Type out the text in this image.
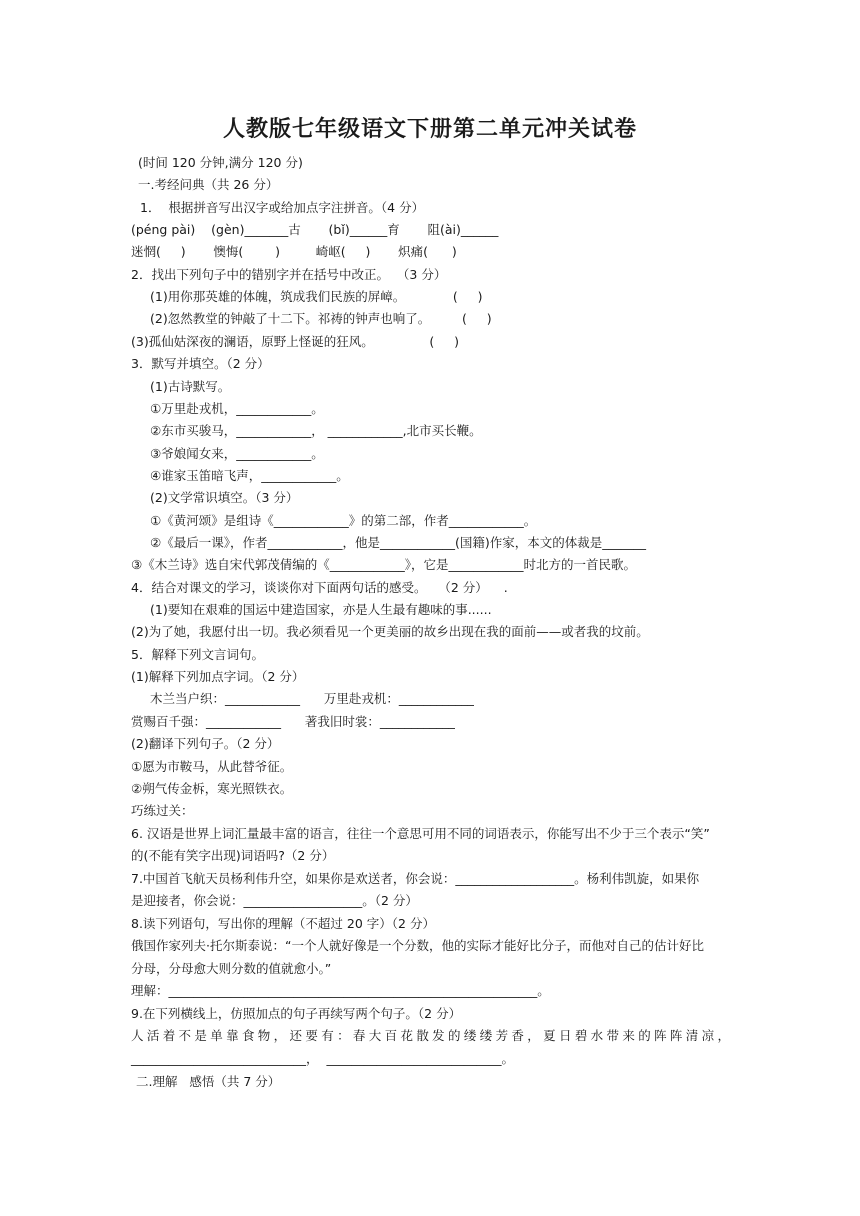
人教版七年级语文下册第二单元冲关试卷
(时间 120 分钟,满分 120 分)
一.考经问典（共 26 分）
1．  根据拼音写出汉字或给加点字注拼音。（4 分）
(péng pài)    (gèn)_______古       (bǐ)______育       阻(ài)______
迷惘(     )       懊悔(        )         崎岖(     )       炽痛(      )
2．找出下列句子中的错别字并在括号中改正。  （3 分）
(1)用你那英雄的体魄，筑成我们民族的屏嶂。            (     )
(2)忽然教堂的钟敲了十二下。祁祷的钟声也响了。        (     )
(3)孤仙姑深夜的澜语，原野上怪诞的狂风。              (     )
3．默写并填空。（2 分）
(1)古诗默写。
①万里赴戎机，____________。
②东市买骏马，____________， ____________,北市买长鞭。
③爷娘闻女来，____________。
④谁家玉笛暗飞声，____________。
(2)文学常识填空。（3 分）
①《黄河颂》是组诗《____________》的第二部，作者____________。
②《最后一课》，作者____________，他是____________(国籍)作家，本文的体裁是_______
③《木兰诗》选自宋代郭茂倩编的《____________》，它是____________时北方的一首民歌。
4．结合对课文的学习，谈谈你对下面两句话的感受。   （2 分）    .
(1)要知在艰难的国运中建造国家，亦是人生最有趣味的事......
(2)为了她，我愿付出一切。我必须看见一个更美丽的故乡出现在我的面前——或者我的坟前。
5．解释下列文言词句。
(1)解释下列加点字词。（2 分）
木兰当户织：____________      万里赴戎机：____________
赏赐百千强：____________      著我旧时裳：____________
(2)翻译下列句子。（2 分）
①愿为市鞍马，从此替爷征。
②朔气传金柝，寒光照铁衣。
巧练过关：
6. 汉语是世界上词汇量最丰富的语言，往往一个意思可用不同的词语表示，你能写出不少于三个表示“笑”
的(不能有笑字出现)词语吗?（2 分）
7.中国首飞航天员杨利伟升空，如果你是欢送者，你会说：___________________。杨利伟凯旋，如果你
是迎接者，你会说：___________________。（2 分）
8.读下列语句，写出你的理解（不超过 20 字）（2 分）
俄国作家列夫·托尔斯泰说：“一个人就好像是一个分数，他的实际才能好比分子，而他对自己的估计好比
分母，分母愈大则分数的值就愈小。”
理解：___________________________________________________________。
9.在下列横线上，仿照加点的句子再续写两个句子。（2 分）
人活着不是单靠食物，还要有：春大百花散发的缕缕芳香，夏日碧水带来的阵阵清凉，
____________________________，  ____________________________。
二.理解   感悟（共 7 分）
